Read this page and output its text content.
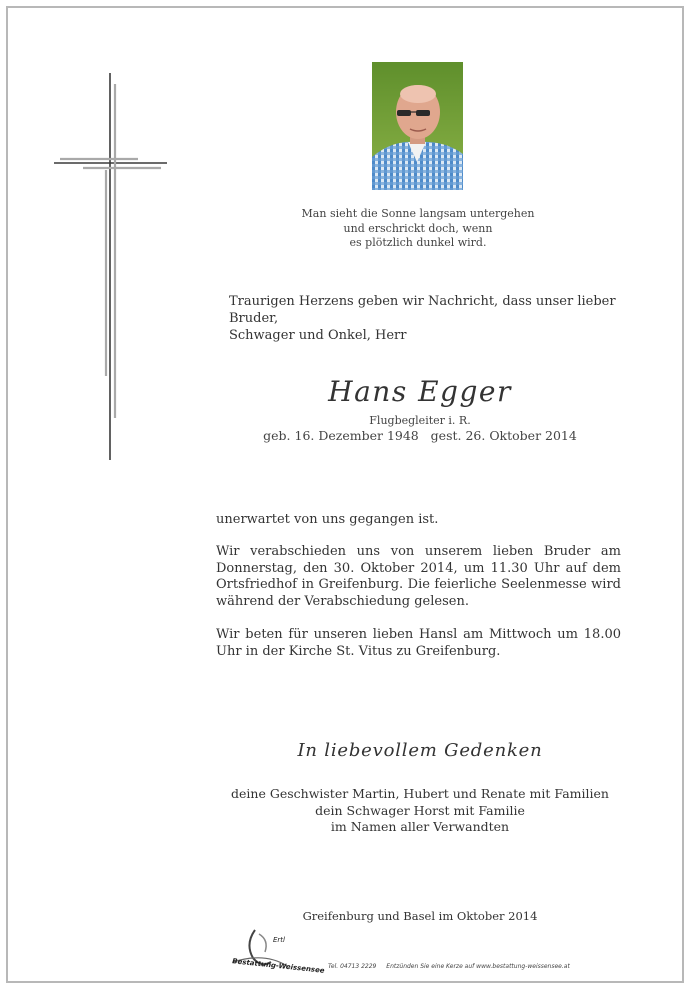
Man sieht die Sonne langsam untergehen
und erschrickt doch, wenn
es plötzlich dunkel wird.
Traurigen Herzens geben wir Nachricht, dass unser lieber Bruder,
Schwager und Onkel, Herr
Hans Egger
Flugbegleiter i. R.
geb. 16. Dezember 1948   gest. 26. Oktober 2014
unerwartet von uns gegangen ist.
Wir verabschieden uns von unserem lieben Bruder am Donnerstag, den 30. Oktober 2014, um 11.30 Uhr auf dem Ortsfriedhof in Greifenburg. Die feierliche Seelenmesse wird während der Verabschiedung gelesen.
Wir beten für unseren lieben Hansl am Mittwoch um 18.00 Uhr in der Kirche St. Vitus zu Greifenburg.
In liebevollem Gedenken
deine Geschwister Martin, Hubert und Renate mit Familien
dein Schwager Horst mit Familie
im Namen aller Verwandten
Greifenburg und Basel im Oktober 2014
Ertl
Bestattung-Weissensee Tel. 04713 2229 Entzünden Sie eine Kerze auf www.bestattung-weissensee.at
